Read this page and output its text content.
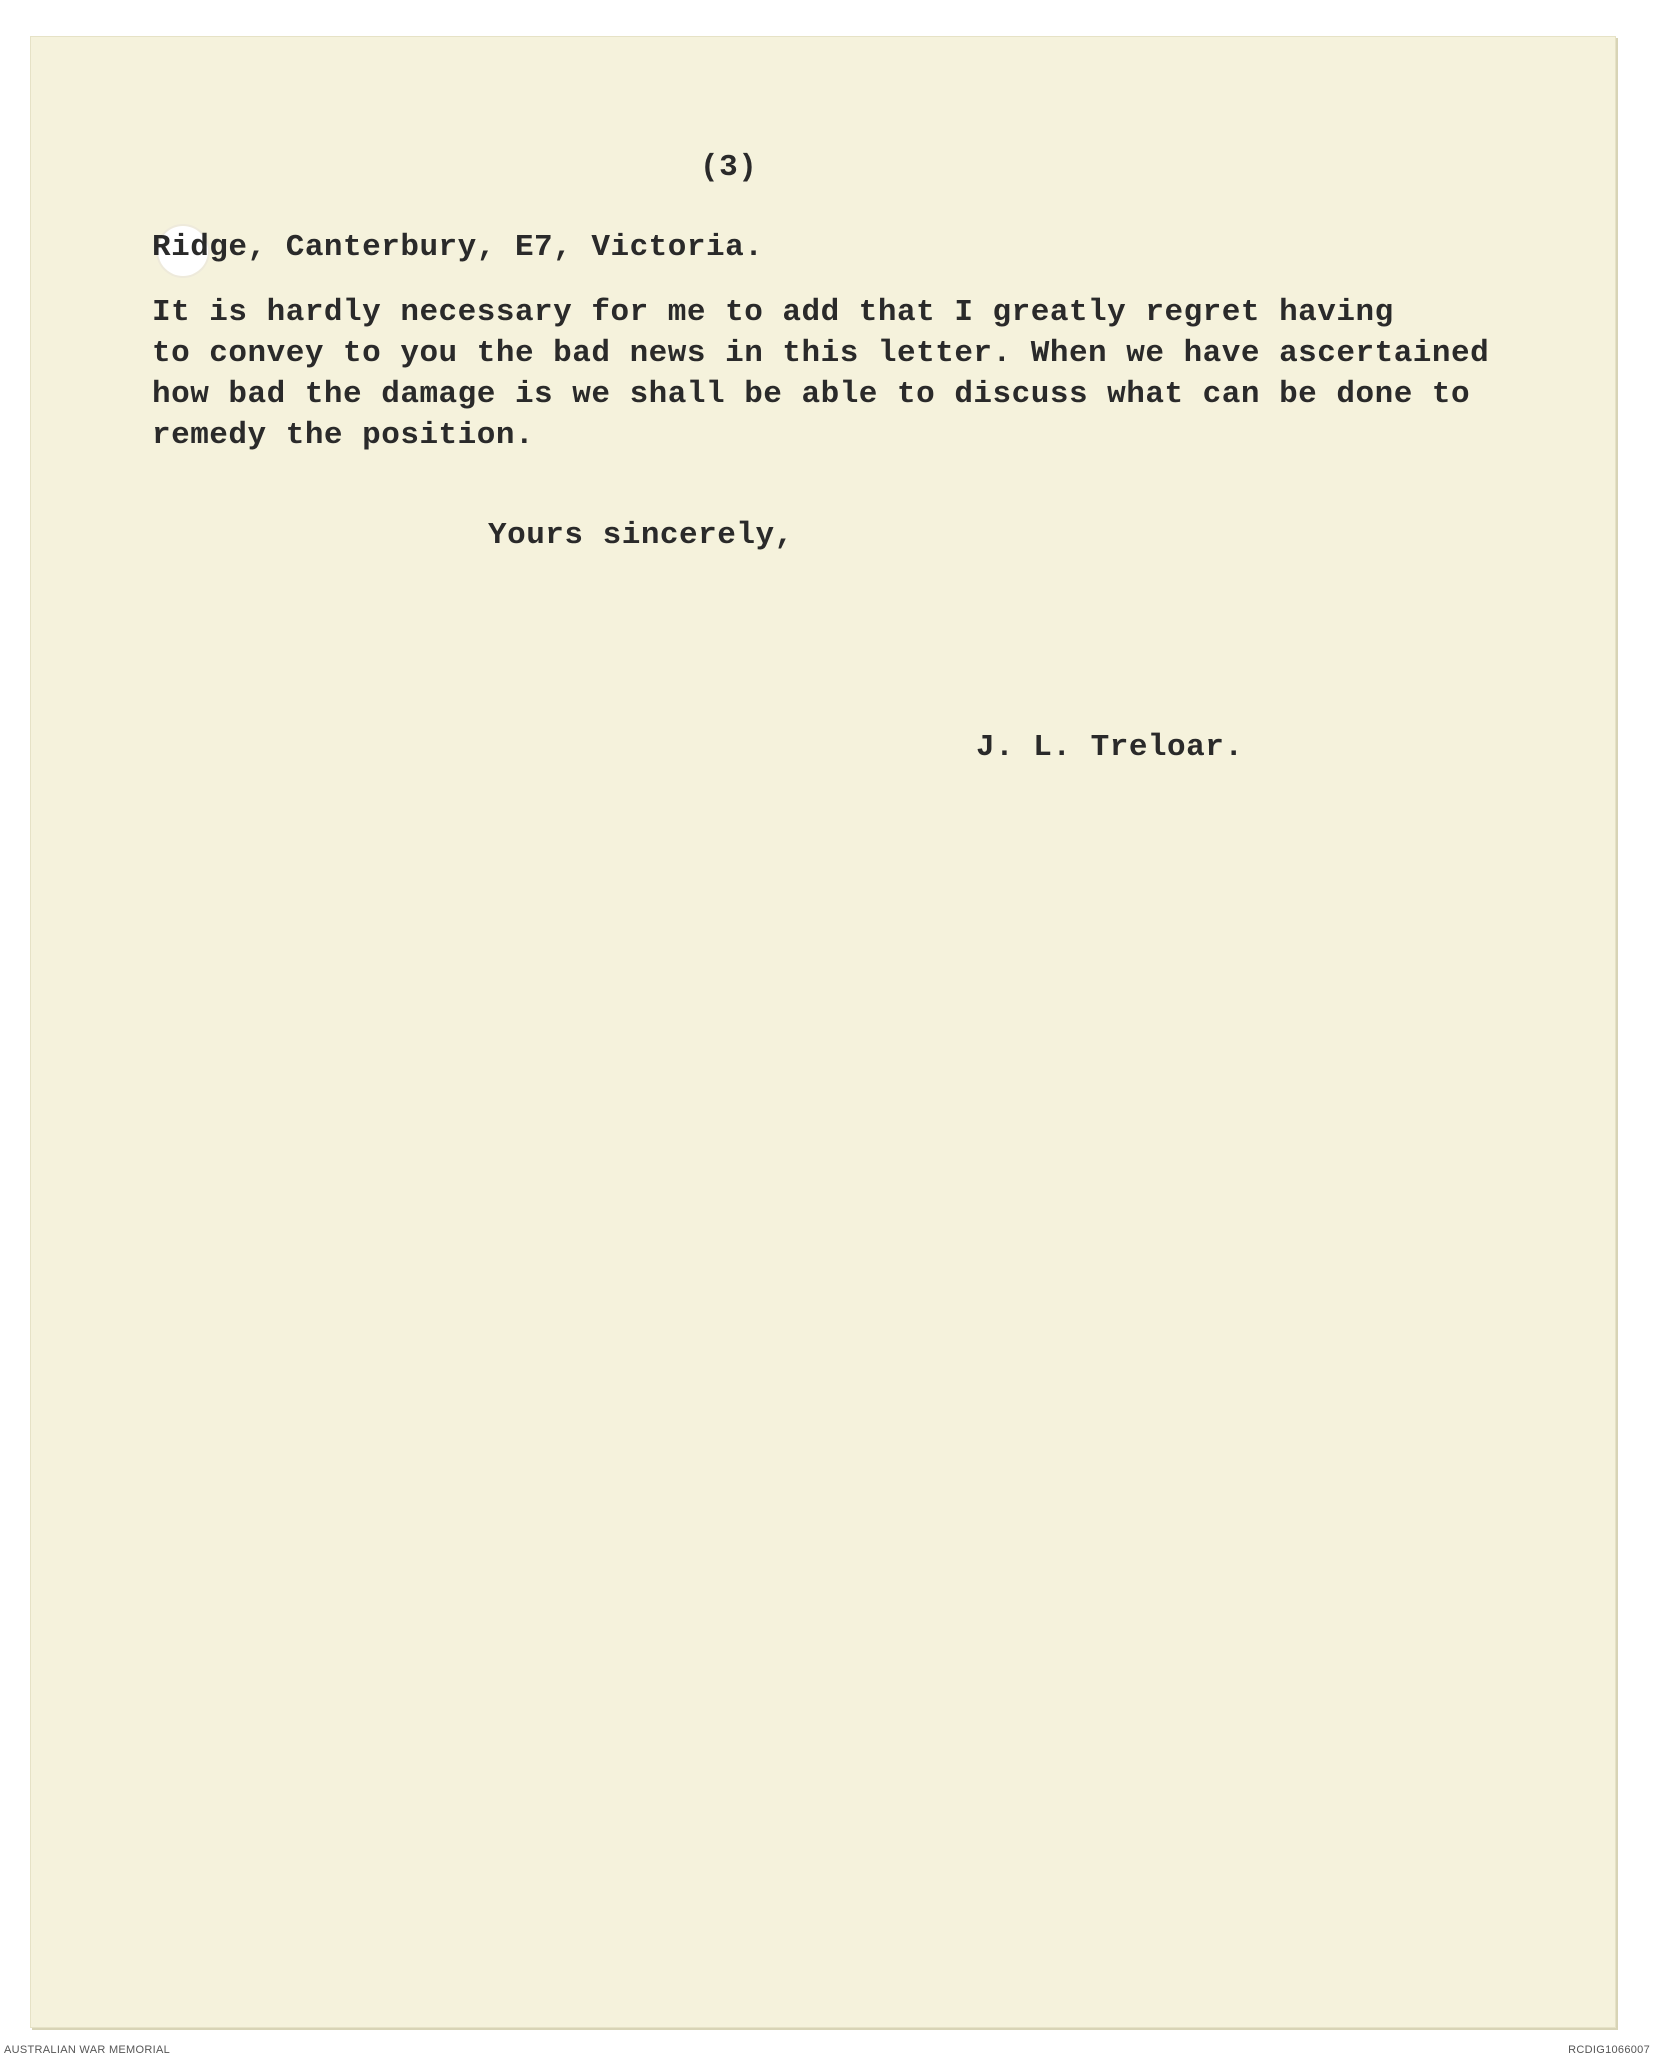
(3)
Ridge, Canterbury, E7, Victoria.
It is hardly necessary for me to add that I greatly regret having
to convey to you the bad news in this letter. When we have ascertained
how bad the damage is we shall be able to discuss what can be done to
remedy the position.
Yours sincerely,
J. L. Treloar.
AUSTRALIAN WAR MEMORIAL	RCDIG1066007
